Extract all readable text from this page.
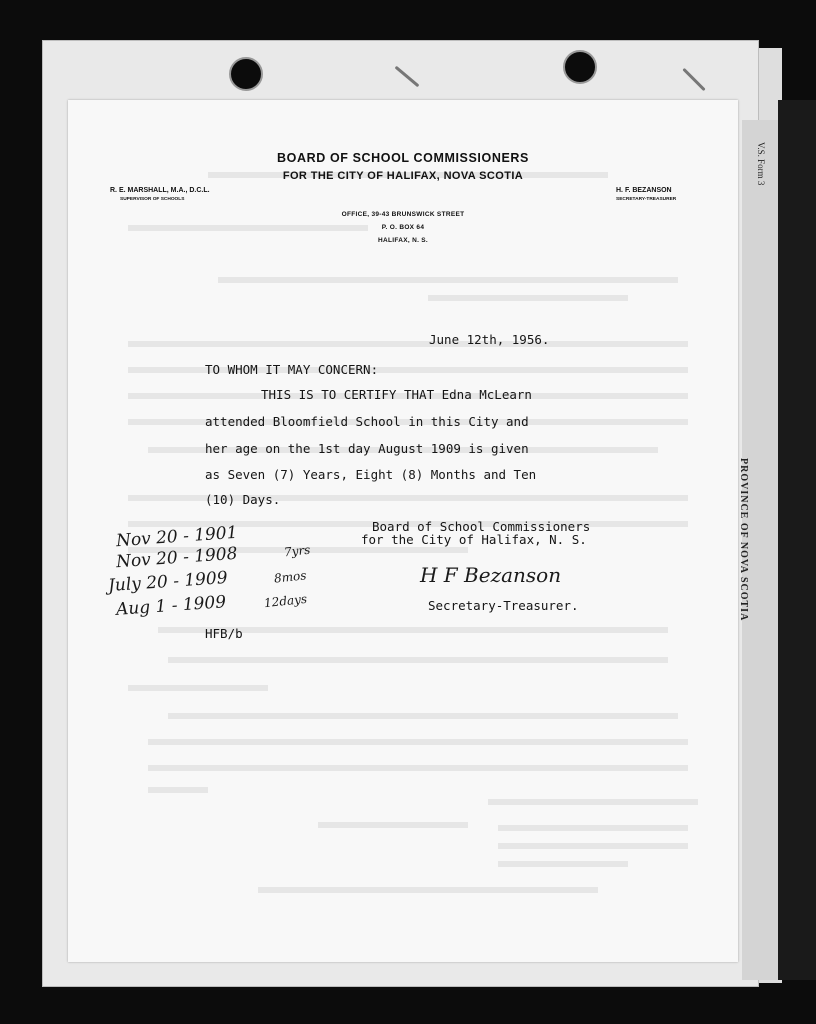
V.S. Form 3
BOARD OF SCHOOL COMMISSIONERS
FOR THE CITY OF HALIFAX, NOVA SCOTIA
R. E. MARSHALL, M.A., D.C.L.
SUPERVISOR OF SCHOOLS
H. F. BEZANSON
SECRETARY-TREASURER
OFFICE, 39-43 BRUNSWICK STREET
P. O. BOX 64
HALIFAX, N. S.
June 12th, 1956.
TO WHOM IT MAY CONCERN:
THIS IS TO CERTIFY THAT Edna McLearn
attended Bloomfield School in this City and
her age on the 1st day August 1909 is given
as Seven (7) Years, Eight (8) Months and Ten
(10) Days.
Board of School Commissioners
for the City of Halifax, N. S.
H F Bezanson
Secretary-Treasurer.
HFB/b
Nov 20 - 1901
Nov 20 - 1908
July 20 - 1909
Aug 1 - 1909
7yrs
8mos
12days	PROVINCE OF NOVA SCOTIA
